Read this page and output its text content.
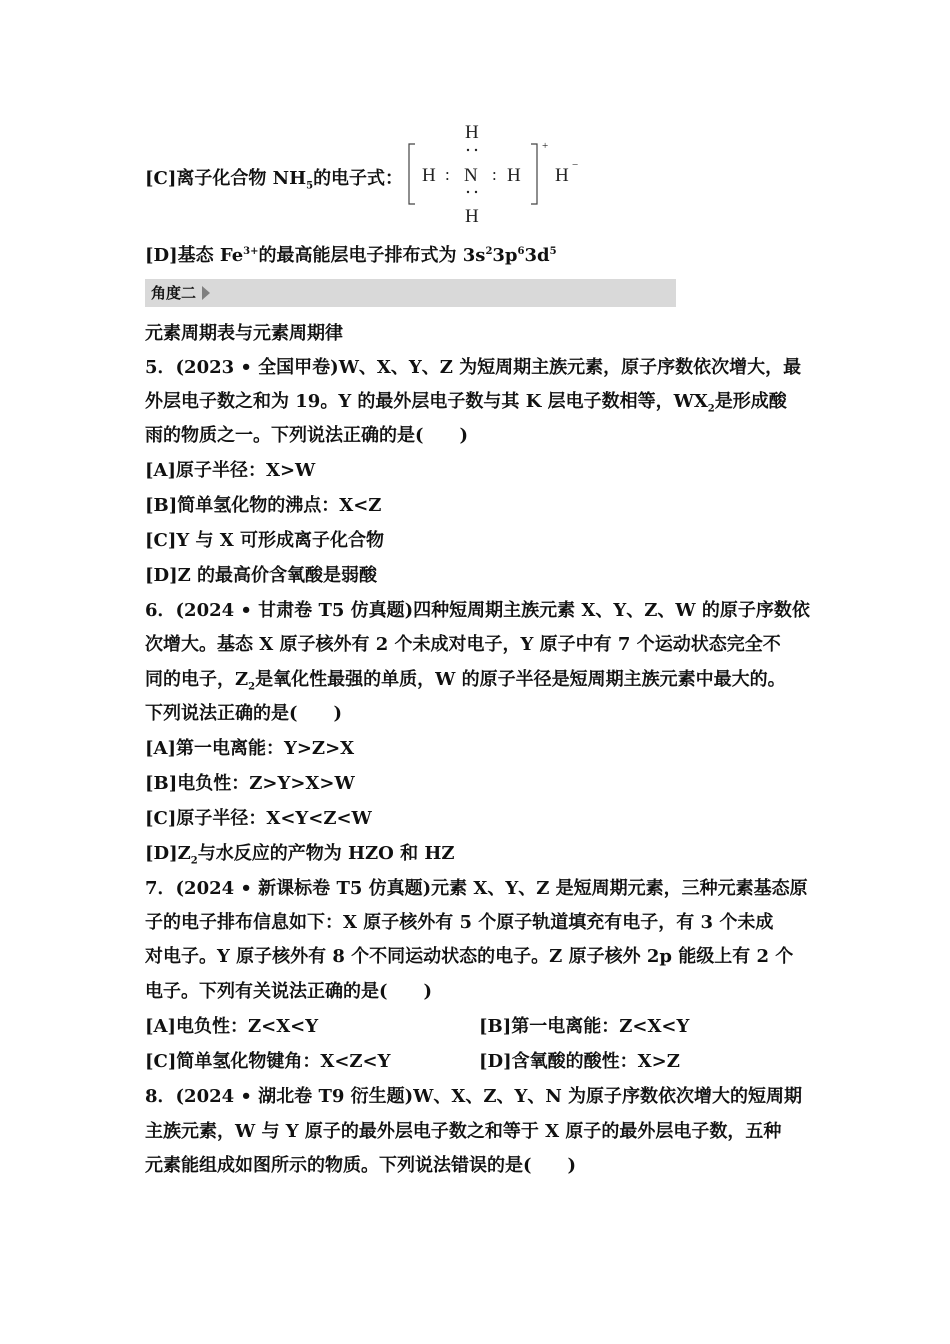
[C]离子化合物 $NH_5$的电子式：
H
H : N : H
H
+
H −
[D]基态 $Fe^{3+}$的最高能层电子排布式为 $3s^23p^63d^5$
角度二
元素周期表与元素周期律
5．(2023 • 全国甲卷)W、X、Y、Z 为短周期主族元素，原子序数依次增大，最
外层电子数之和为 19。Y 的最外层电子数与其 K 层电子数相等，$WX_2$是形成酸
雨的物质之一。下列说法正确的是(　　)
[A]原子半径：X>W
[B]简单氢化物的沸点：X<Z
[C]Y 与 X 可形成离子化合物
[D]Z 的最高价含氧酸是弱酸
6．(2024 • 甘肃卷 T5 仿真题)四种短周期主族元素 X、Y、Z、W 的原子序数依
次增大。基态 X 原子核外有 2 个未成对电子，Y 原子中有 7 个运动状态完全不
同的电子，$Z_2$是氧化性最强的单质，W 的原子半径是短周期主族元素中最大的。
下列说法正确的是(　　)
[A]第一电离能：Y>Z>X
[B]电负性：Z>Y>X>W
[C]原子半径：X<Y<Z<W
$[D]Z_2$与水反应的产物为 HZO 和 HZ
7．(2024 • 新课标卷 T5 仿真题)元素 X、Y、Z 是短周期元素，三种元素基态原
子的电子排布信息如下：X 原子核外有 5 个原子轨道填充有电子，有 3 个未成
对电子。Y 原子核外有 8 个不同运动状态的电子。Z 原子核外 2p 能级上有 2 个
电子。下列有关说法正确的是(　　)
[A]电负性：Z<X<Y	[B]第一电离能：Z<X<Y
[C]简单氢化物键角：X<Z<Y	[D]含氧酸的酸性：X>Z
8．(2024 • 湖北卷 T9 衍生题)W、X、Z、Y、N 为原子序数依次增大的短周期
主族元素，W 与 Y 原子的最外层电子数之和等于 X 原子的最外层电子数，五种
元素能组成如图所示的物质。下列说法错误的是(　　)
